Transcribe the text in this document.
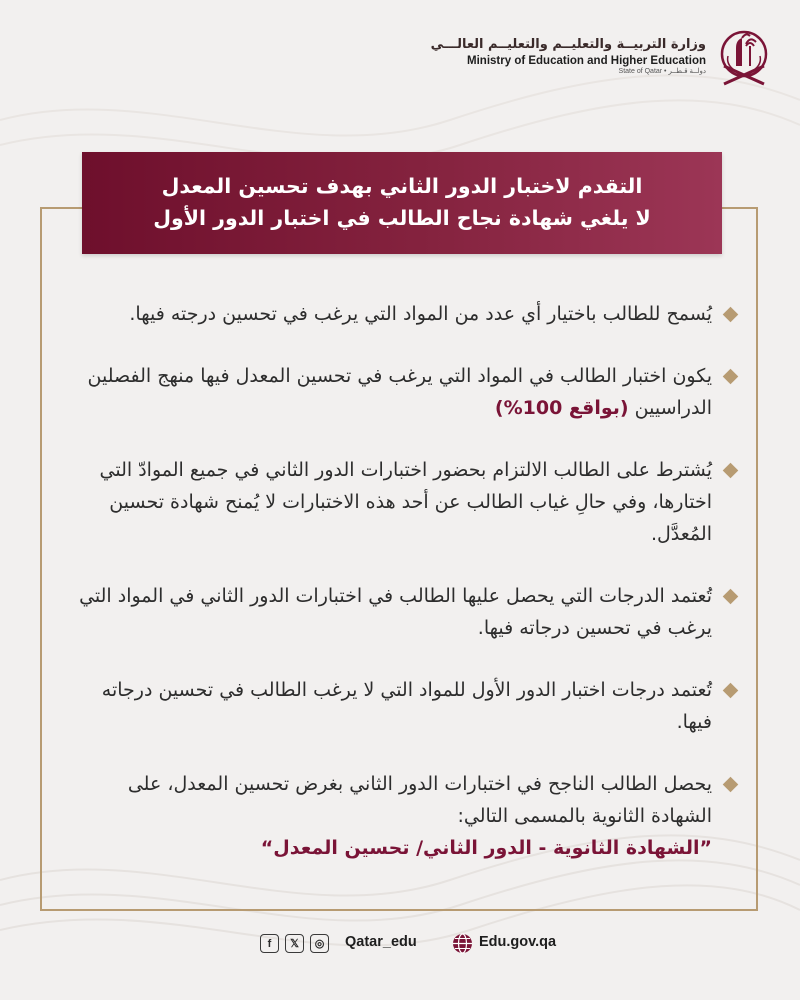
وزارة التربيــة والتعليــم والتعليــم العالـــي
Ministry of Education and Higher Education
State of Qatar • دولــة قـطــر
التقدم لاختبار الدور الثاني بهدف تحسين المعدل
لا يلغي شهادة نجاح الطالب في اختبار الدور الأول
يُسمح للطالب باختيار أي عدد من المواد التي يرغب في تحسين درجته فيها.
يكون اختبار الطالب في المواد التي يرغب في تحسين المعدل فيها منهج الفصلين الدراسيين (بواقع 100%)
يُشترط على الطالب الالتزام بحضور اختبارات الدور الثاني في جميع الموادّ التي اختارها، وفي حالِ غياب الطالب عن أحد هذه الاختبارات لا يُمنح شهادة تحسين المُعدَّل.
تُعتمد الدرجات التي يحصل عليها الطالب في اختبارات الدور الثاني في المواد التي يرغب في تحسين درجاته فيها.
تُعتمد درجات اختبار الدور الأول للمواد التي لا يرغب الطالب في تحسين درجاته فيها.
يحصل الطالب الناجح في اختبارات الدور الثاني بغرض تحسين المعدل، على الشهادة الثانوية بالمسمى التالي:
”الشهادة الثانوية - الدور الثاني/ تحسين المعدل“
f	𝕏	◎	Qatar_edu	Edu.gov.qa
